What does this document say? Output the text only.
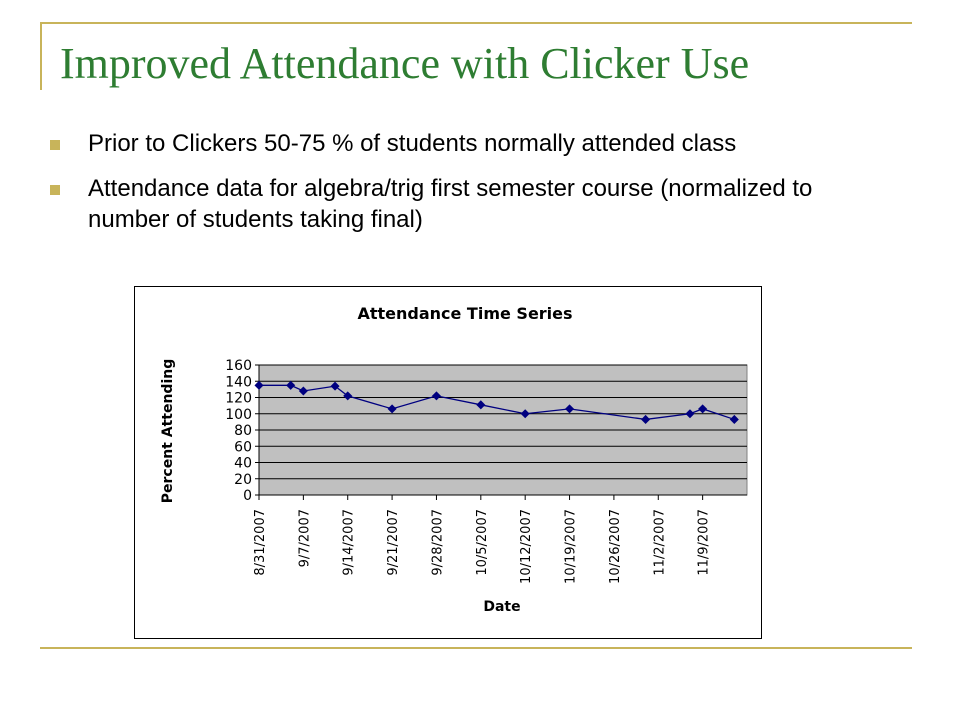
Improved Attendance with Clicker Use
Prior to Clickers 50-75 % of students normally attended class
Attendance data for algebra/trig first semester course (normalized to number of students taking final)
Attendance Time Series
0
20
40
60
80
100
120
140
160
8/31/2007 9/7/2007 9/14/2007 9/21/2007 9/28/2007 10/5/2007 10/12/2007 10/19/2007 10/26/2007 11/2/2007 11/9/2007
Date
Percent Attending
